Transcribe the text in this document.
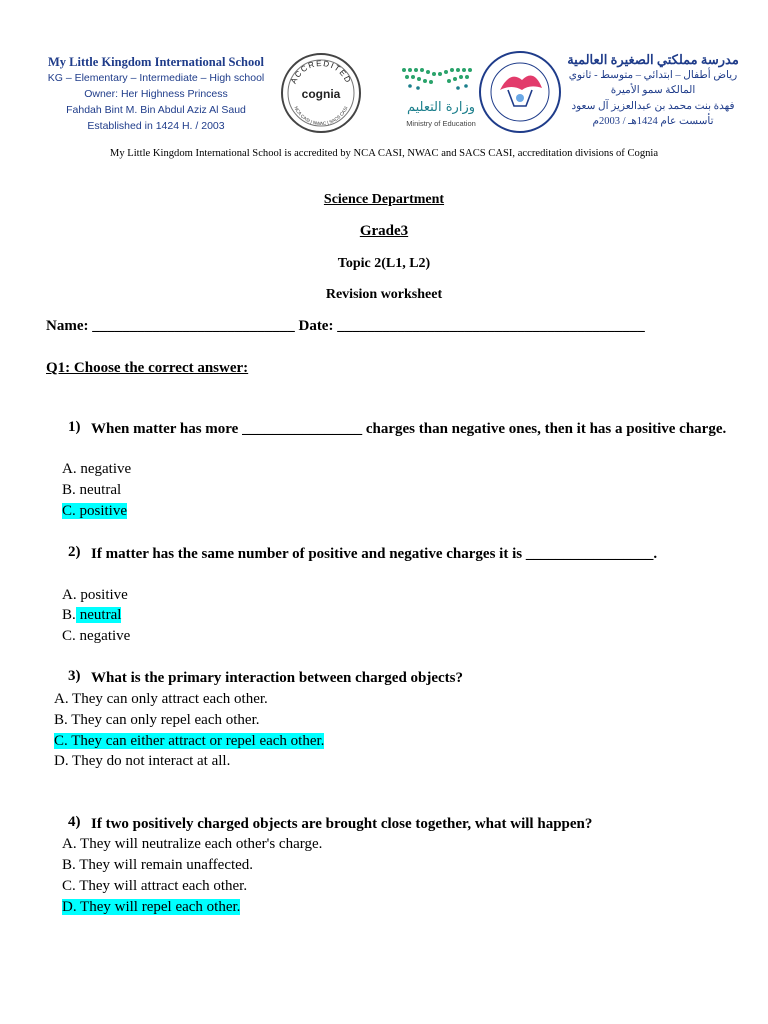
My Little Kingdom International School
KG – Elementary – Intermediate – High school
Owner: Her Highness Princess
Fahdah Bint M. Bin Abdul Aziz Al Saud
Established in 1424 H. / 2003
ACCREDITED
cognia
NCA CASI | NWAC | SACS CASI	وزارة التعليم
Ministry of Education
مدرسة مملكتي الصغيرة العالمية
رياض أطفال – ابتدائي – متوسط - ثانوي
المالكة سمو الأميرة
فهدة بنت محمد بن عبدالعزيز آل سعود
تأسست عام 1424هـ / 2003م
My Little Kingdom International School is accredited by NCA CASI, NWAC and SACS CASI, accreditation divisions of Cognia
Science Department
Grade3
Topic 2(L1, L2)
Revision worksheet
Name: ___________________________ Date: _________________________________________
Q1: Choose the correct answer:
1) When matter has more ________________ charges than negative ones, then it has a positive charge.
A. negative
B. neutral
C. positive
2) If matter has the same number of positive and negative charges it is _________________.
A. positive
B. neutral
C. negative
3) What is the primary interaction between charged objects?
A. They can only attract each other.
B. They can only repel each other.
C. They can either attract or repel each other.
D. They do not interact at all.
4) If two positively charged objects are brought close together, what will happen?
A. They will neutralize each other's charge.
B. They will remain unaffected.
C. They will attract each other.
D. They will repel each other.
